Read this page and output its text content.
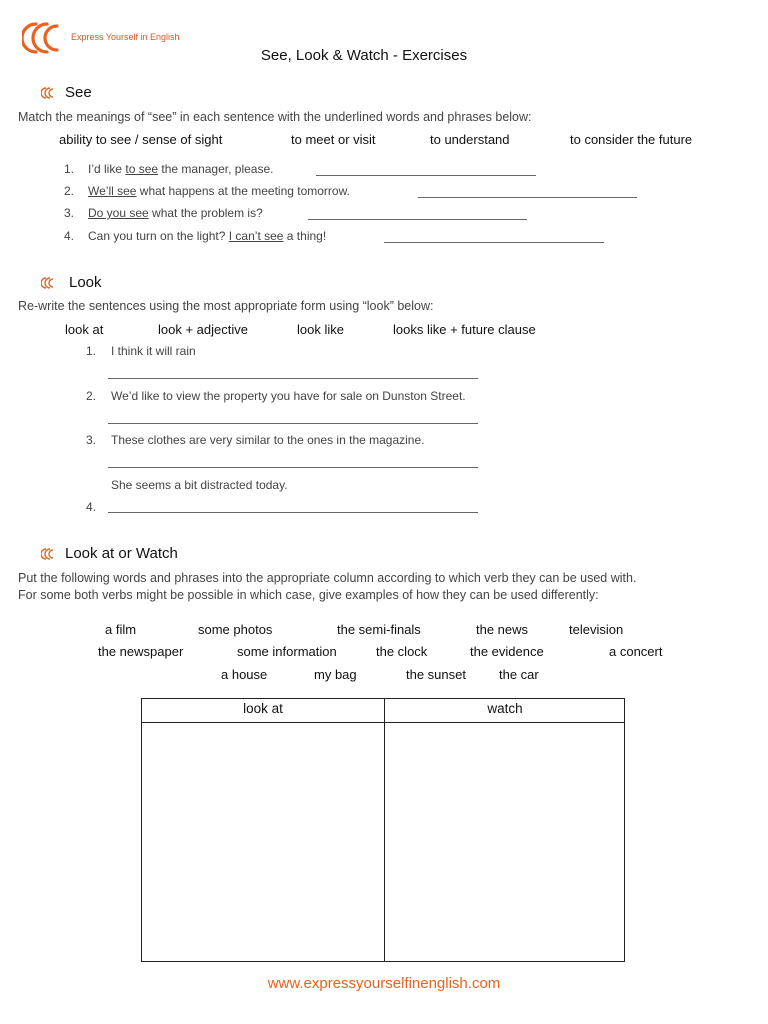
Express Yourself in English
See, Look & Watch - Exercises
See
Match the meanings of “see” in each sentence with the underlined words and phrases below:
ability to see / sense of sight	to meet or visit	to understand	to consider the future
1. I’d like to see the manager, please.
2. We’ll see what happens at the meeting tomorrow.
3. Do you see what the problem is?
4. Can you turn on the light? I can’t see a thing!
Look
Re-write the sentences using the most appropriate form using “look” below:
look at	look + adjective	look like	looks like + future clause
1. I think it will rain
2. We’d like to view the property you have for sale on Dunston Street.
3. These clothes are very similar to the ones in the magazine.
She seems a bit distracted today.
4.
Look at or Watch
Put the following words and phrases into the appropriate column according to which verb they can be used with.
For some both verbs might be possible in which case, give examples of how they can be used differently:
a film	some photos	the semi-finals	the news	television
the newspaper	some information	the clock	the evidence	a concert
a house	my bag	the sunset	the car
look at	watch
www.expressyourselfinenglish.com
